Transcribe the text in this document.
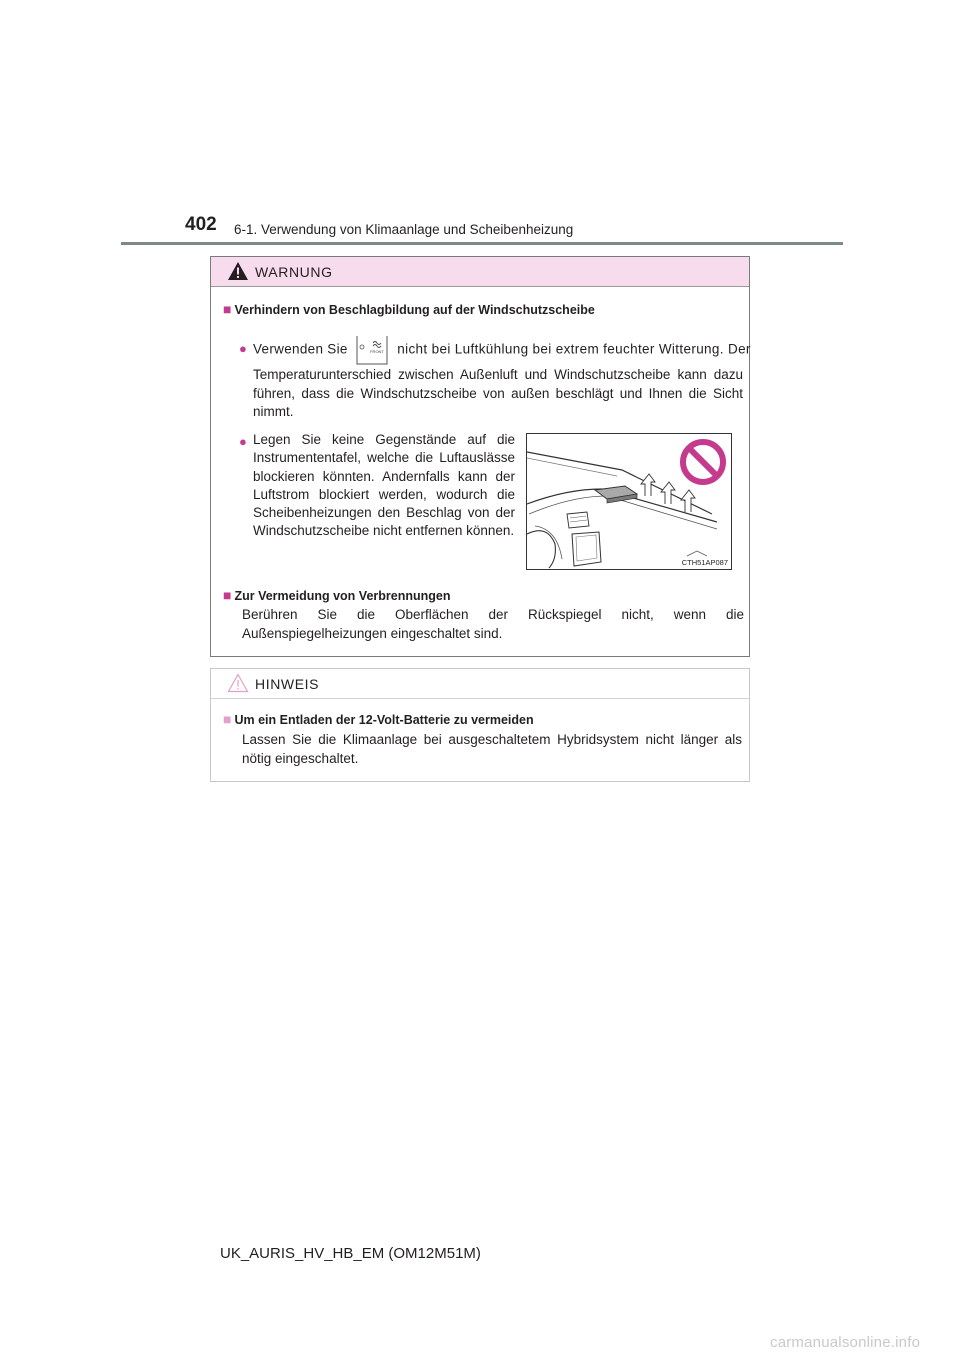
402 6-1. Verwendung von Klimaanlage und Scheibenheizung
WARNUNG
■ Verhindern von Beschlagbildung auf der Windschutzscheibe
● Verwenden Sie	FRONT nicht bei Luftkühlung bei extrem feuchter Witterung. Der
Temperaturunterschied zwischen Außenluft und Windschutzscheibe kann dazu führen, dass die Windschutzscheibe von außen beschlägt und Ihnen die Sicht nimmt.
● Legen Sie keine Gegenstände auf die Instrumententafel, welche die Luftauslässe blockieren könnten. Andernfalls kann der Luftstrom blockiert werden, wodurch die Scheibenheizungen den Beschlag von der Windschutzscheibe nicht entfernen können.
CTH51AP087
■ Zur Vermeidung von Verbrennungen
Berühren Sie die Oberflächen der Rückspiegel nicht, wenn die Außenspiegelheizungen eingeschaltet sind.
HINWEIS
■ Um ein Entladen der 12-Volt-Batterie zu vermeiden
Lassen Sie die Klimaanlage bei ausgeschaltetem Hybridsystem nicht länger als nötig eingeschaltet.
UK_AURIS_HV_HB_EM (OM12M51M)
carmanualsonline.info
